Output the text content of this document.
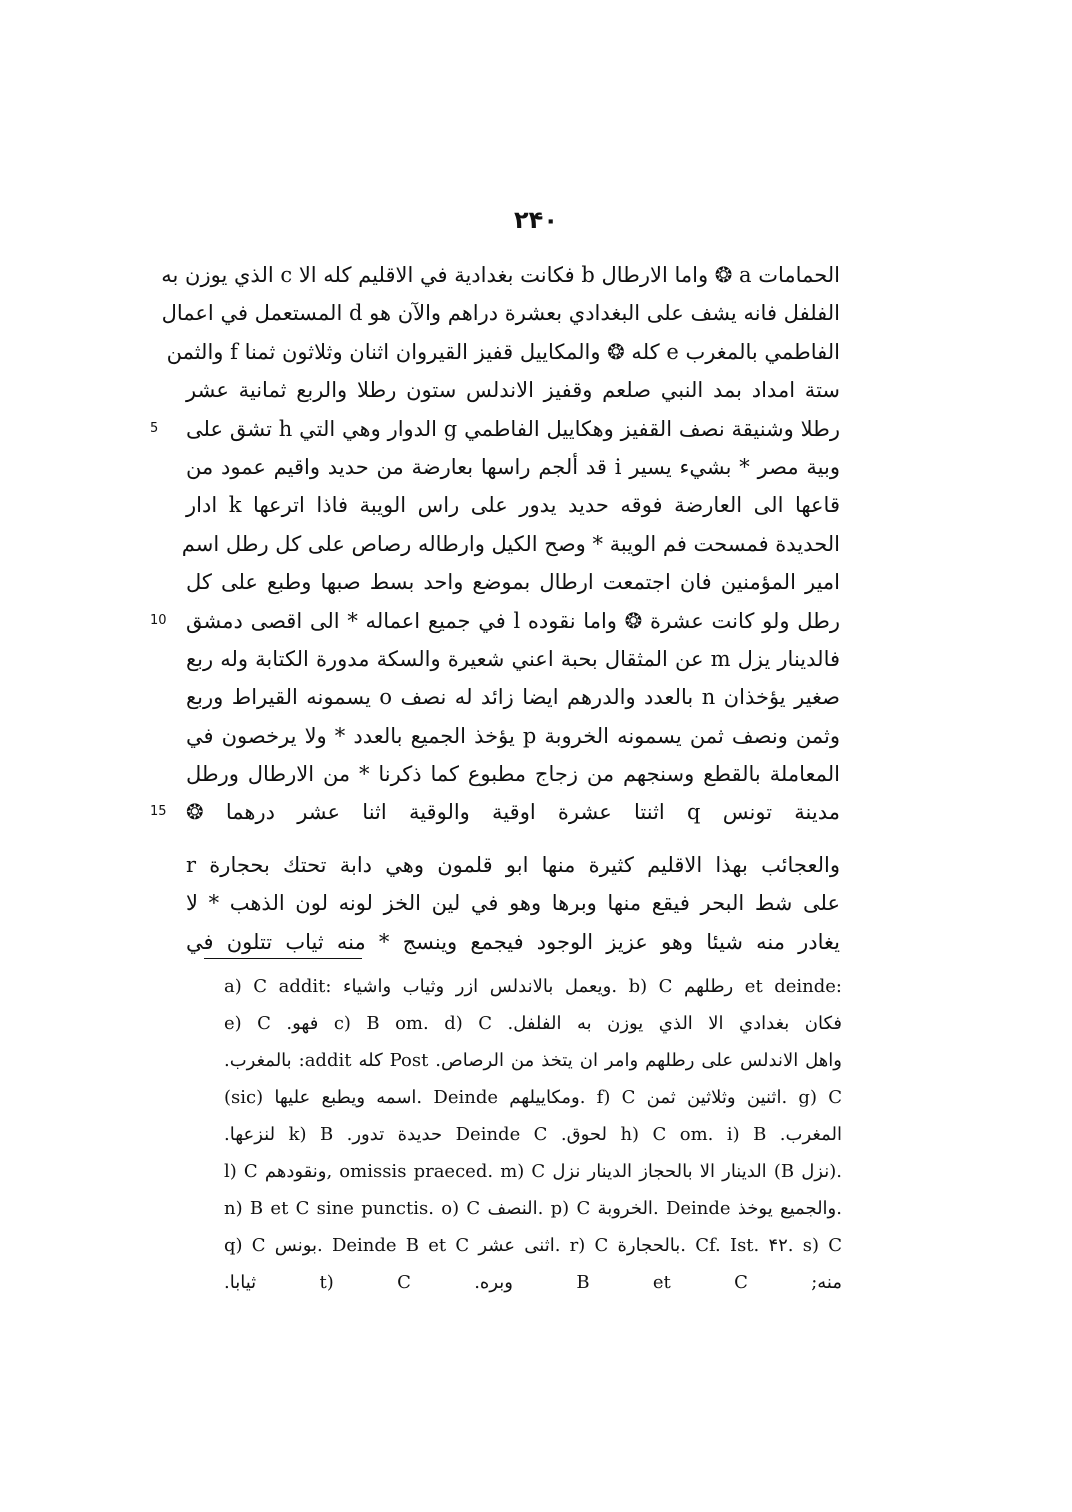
۲۴۰
الحمامات a ❂ واما الارطال b فكانت بغدادية في الاقليم كله الا c الذي يوزن به
الفلفل فانه يشف على البغدادي بعشرة دراهم والآن هو d المستعمل في اعمال
الفاطمي بالمغرب e كله ❂ والمكاييل قفيز القيروان اثنان وثلاثون ثمنا f والثمن
ستة امداد بمد النبي صلعم وقفيز الاندلس ستون رطلا والربع ثمانية عشر
رطلا وشنيقة نصف القفيز وهكاييل الفاطمي g الدوار وهي التي h تشق على
5
وبية مصر * بشيء يسير i قد ألجم راسها بعارضة من حديد واقيم عمود من
قاعها الى العارضة فوقه حديد يدور على راس الويبة فاذا اترعها k ادار
الحديدة فمسحت فم الويبة * وصح الكيل وارطاله رصاص على كل رطل اسم
امير المؤمنين فان اجتمعت ارطال بموضع واحد بسط صبها وطبع على كل
رطل ولو كانت عشرة ❂ واما نقوده l في جميع اعماله * الى اقصى دمشق
10
فالدينار يزل m عن المثقال بحبة اعني شعيرة والسكة مدورة الكتابة وله ربع
صغير يؤخذان n بالعدد والدرهم ايضا زائد له نصف o يسمونه القيراط وربع
وثمن ونصف ثمن يسمونه الخروبة p يؤخذ الجميع بالعدد * ولا يرخصون في
المعاملة بالقطع وسنجهم من زجاج مطبوع كما ذكرنا * من الارطال ورطل
مدينة تونس q اثنتا عشرة اوقية والوقية اثنا عشر درهما ❂
15
والعجائب بهذا الاقليم كثيرة منها ابو قلمون وهي دابة تحتك بحجارة r
على شط البحر فيقع منها وبرها وهو في لين الخز لونه لون الذهب * لا
يغادر منه شيئا وهو عزيز الوجود فيجمع وينسج * منه ثياب تتلون في
a) C addit: ويعمل بالاندلس ازر وثياب واشياء. b) C رطلهم et deinde:
فكان بغدادي الا الذي يوزن به الفلفل. c) B om. d) C فهو. e) C
واهل الاندلس على رطلهم وامر ان يتخذ من الرصاص. Post كله addit: بالمغرب.
(sic) اسمه ويطبع عليها. Deinde ومكاييلهم. f) C اثنين وثلاثين ثمن. g) C
المغرب. h) C om. i) B لحوق. Deinde C حديدة تدور. k) B لنزعها.
l) C ونقودهم, omissis praeced. m) C الدينار الا بالحجاز الدينار نزل (B نزل).
n) B et C sine punctis. o) C النصف. p) C الخروبة. Deinde والجميع يوخذ.
q) C بونس. Deinde B et C اثنى عشر. r) C بالحجارة. Cf. Ist. ۴۲. s) C
منه; B et C وبره. t) C ثيابا.
